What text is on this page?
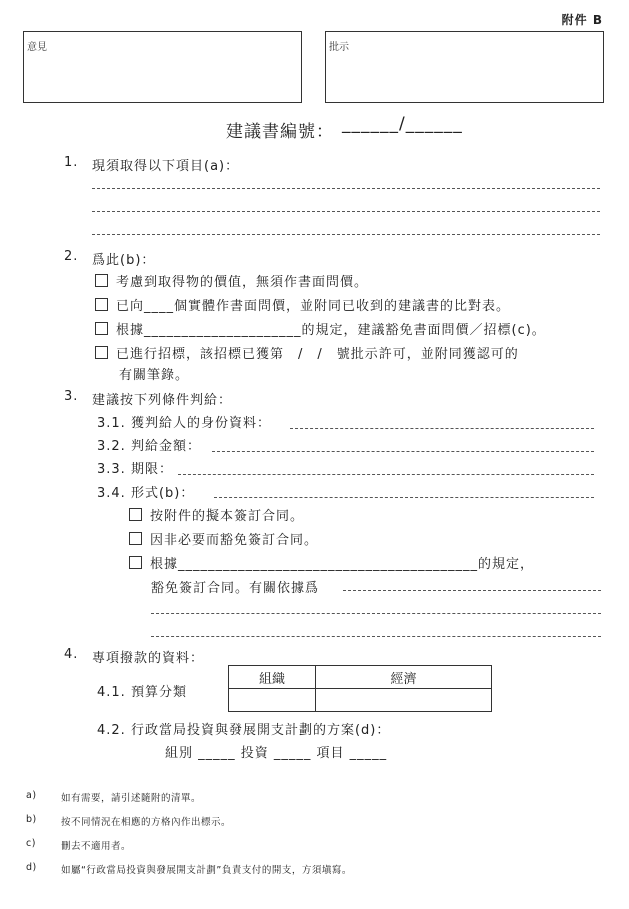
附件 B
意見	批示
建議書編號： ______/______
1. 現須取得以下項目(a)：
2. 爲此(b)：
考慮到取得物的價值，無須作書面問價。
已向____個實體作書面問價，並附同已收到的建議書的比對表。
根據_____________________的規定，建議豁免書面問價／招標(c)。
已進行招標，該招標已獲第　/　/　號批示許可，並附同獲認可的
有關筆錄。
3. 建議按下列條件判給：
3.1. 獲判給人的身份資料：
3.2. 判給金額：
3.3. 期限：
3.4. 形式(b)：
按附件的擬本簽訂合同。
因非必要而豁免簽訂合同。
根據________________________________________的規定，
豁免簽訂合同。有關依據爲
4. 專項撥款的資料：
4.1. 預算分類
組織	經濟

4.2. 行政當局投資與發展開支計劃的方案(d)：
組別 _____ 投資 _____ 項目 _____
a)	如有需要，請引述隨附的清單。
b)	按不同情況在相應的方格內作出標示。
c)	刪去不適用者。
d)	如屬“行政當局投資與發展開支計劃”負責支付的開支，方須塡寫。
